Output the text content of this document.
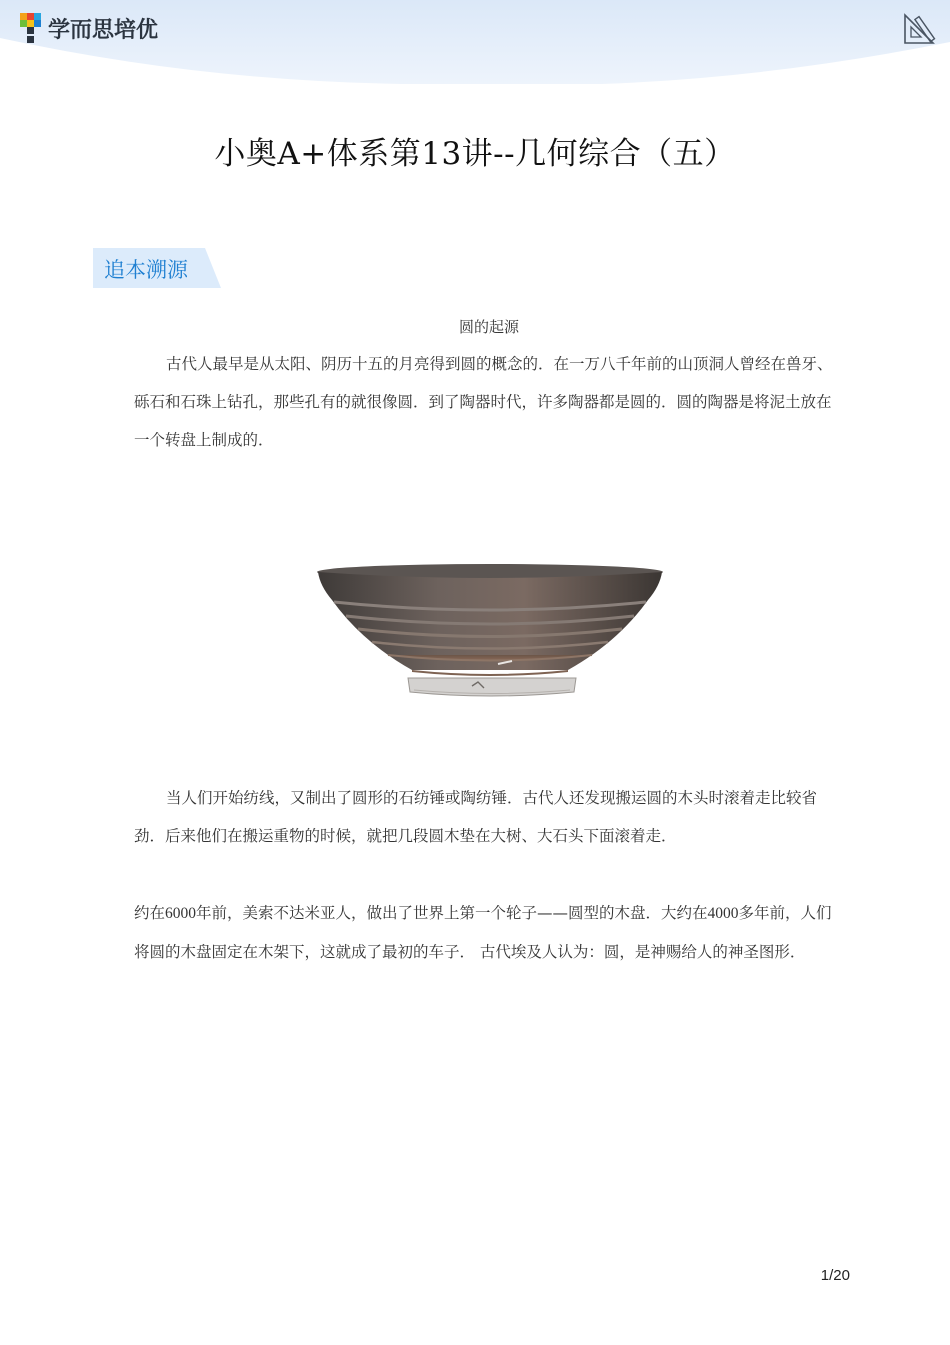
学而思培优
小奥A+体系第13讲--几何综合（五）
追本溯源
圆的起源

古代人最早是从太阳、阴历十五的月亮得到圆的概念的．在一万八千年前的山顶洞人曾经在兽牙、砾石和石珠上钻孔，那些孔有的就很像圆．到了陶器时代，许多陶器都是圆的．圆的陶器是将泥土放在一个转盘上制成的．

当人们开始纺线，又制出了圆形的石纺锤或陶纺锤．古代人还发现搬运圆的木头时滚着走比较省劲．后来他们在搬运重物的时候，就把几段圆木垫在大树、大石头下面滚着走．

约在6000年前，美索不达米亚人，做出了世界上第一个轮子——圆型的木盘．大约在4000多年前，人们将圆的木盘固定在木架下，这就成了最初的车子． 古代埃及人认为：圆，是神赐给人的神圣图形．

1/20
